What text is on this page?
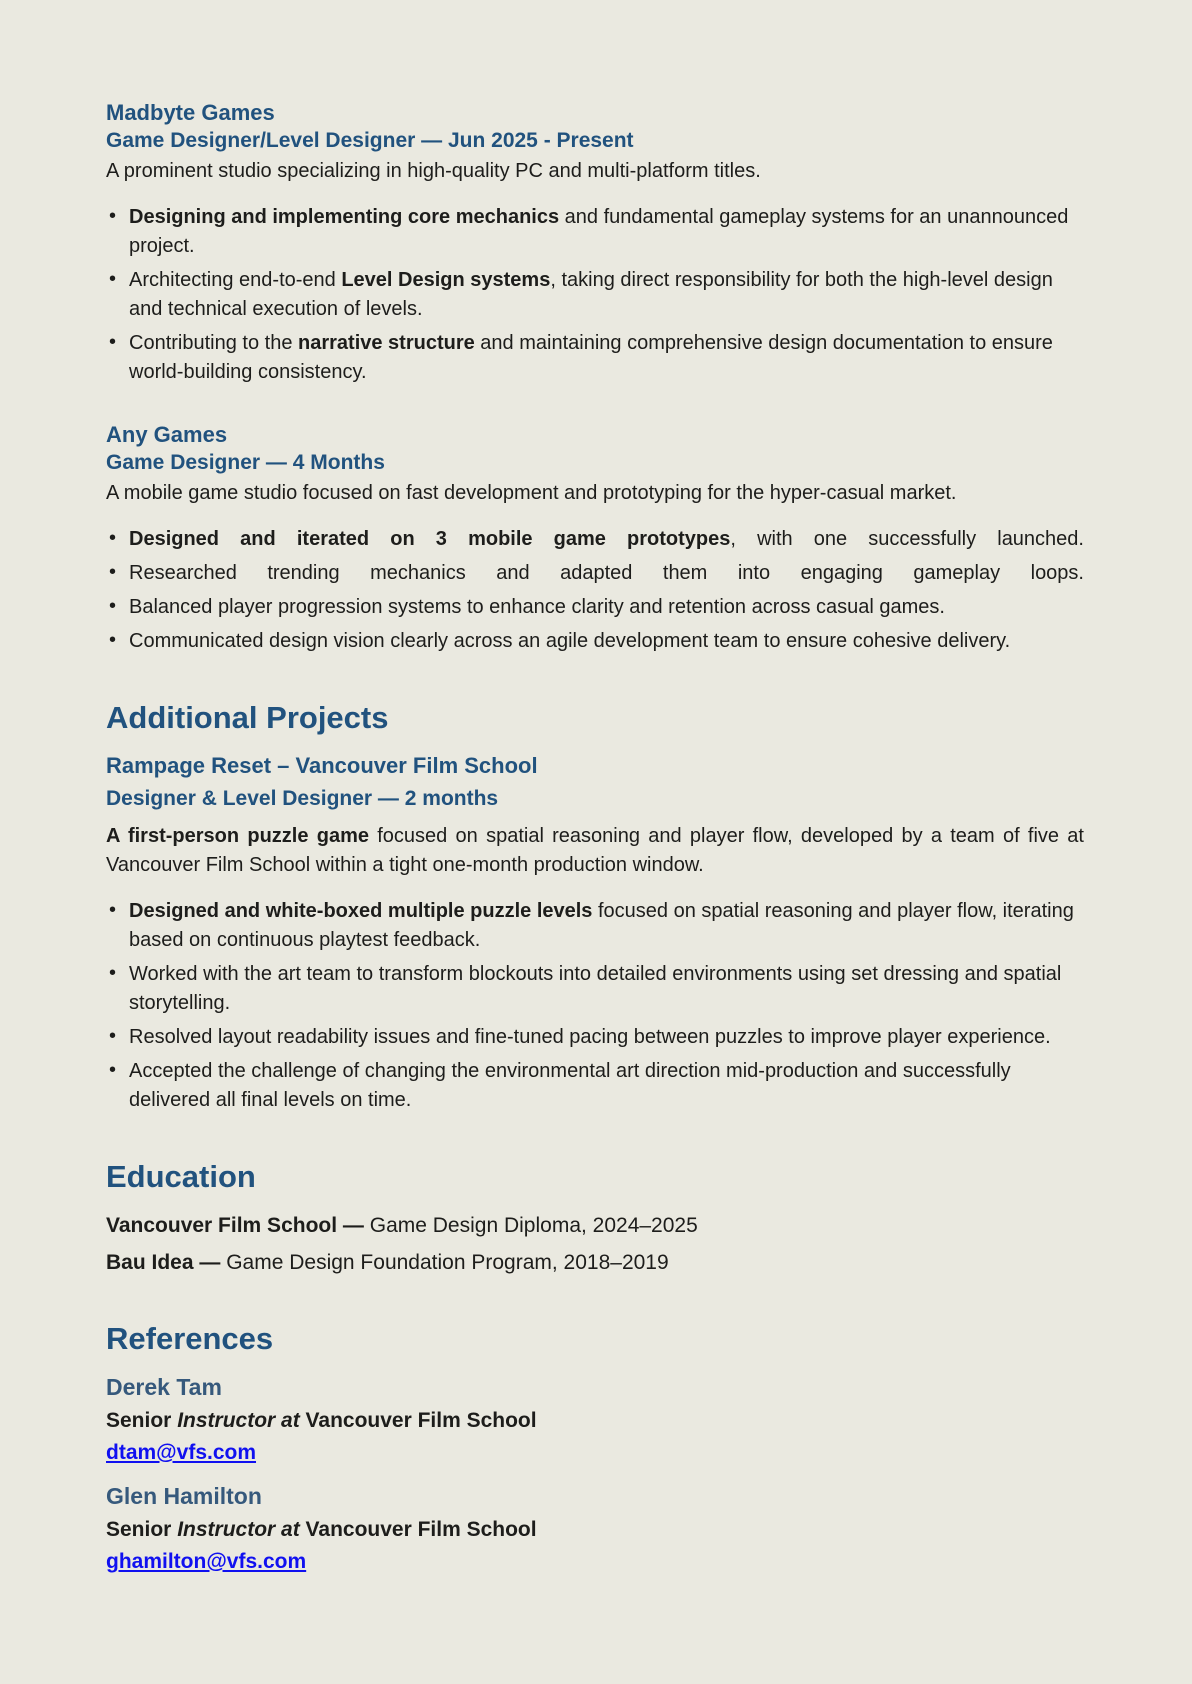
Madbyte Games
Game Designer/Level Designer — Jun 2025 - Present

A prominent studio specializing in high-quality PC and multi-platform titles.

• Designing and implementing core mechanics and fundamental gameplay systems for an unannounced project.
• Architecting end-to-end Level Design systems, taking direct responsibility for both the high-level design and technical execution of levels.
• Contributing to the narrative structure and maintaining comprehensive design documentation to ensure world-building consistency.
Any Games
Game Designer — 4 Months

A mobile game studio focused on fast development and prototyping for the hyper-casual market.

• Designed and iterated on 3 mobile game prototypes, with one successfully launched.
• Researched trending mechanics and adapted them into engaging gameplay loops.
• Balanced player progression systems to enhance clarity and retention across casual games.
• Communicated design vision clearly across an agile development team to ensure cohesive delivery.
Additional Projects
Rampage Reset – Vancouver Film School
Designer & Level Designer — 2 months

A first-person puzzle game focused on spatial reasoning and player flow, developed by a team of five at Vancouver Film School within a tight one-month production window.

• Designed and white-boxed multiple puzzle levels focused on spatial reasoning and player flow, iterating based on continuous playtest feedback.
• Worked with the art team to transform blockouts into detailed environments using set dressing and spatial storytelling.
• Resolved layout readability issues and fine-tuned pacing between puzzles to improve player experience.
• Accepted the challenge of changing the environmental art direction mid-production and successfully delivered all final levels on time.
Education

Vancouver Film School — Game Design Diploma, 2024–2025

Bau Idea — Game Design Foundation Program, 2018–2019

References
Derek Tam

Senior Instructor at Vancouver Film School

dtam@vfs.com
Glen Hamilton

Senior Instructor at Vancouver Film School

ghamilton@vfs.com
